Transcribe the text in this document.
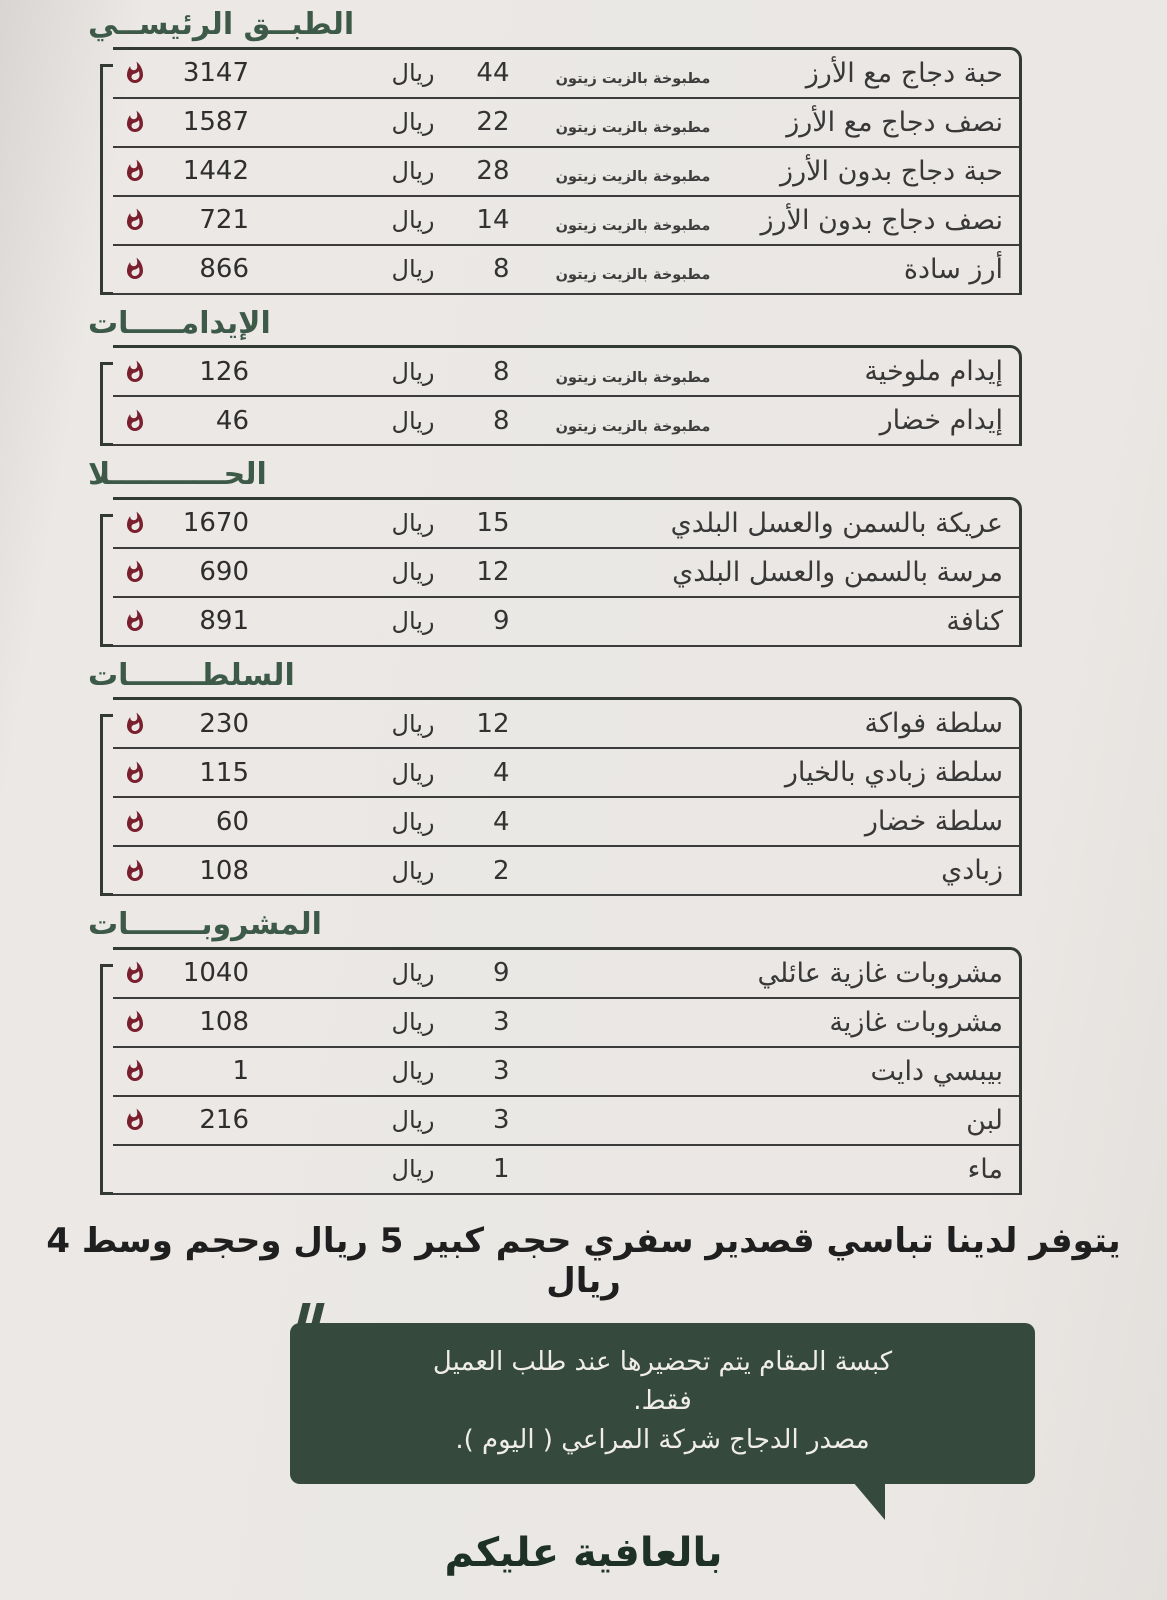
الطبــق الرئيســي
حبة دجاج مع الأرز
مطبوخة بالزيت زيتون
44
ريال
3147
نصف دجاج مع الأرز
مطبوخة بالزيت زيتون
22
ريال
1587
حبة دجاج بدون الأرز
مطبوخة بالزيت زيتون
28
ريال
1442
نصف دجاج بدون الأرز
مطبوخة بالزيت زيتون
14
ريال
721
أرز سادة
مطبوخة بالزيت زيتون
8
ريال
866
الإيدامـــــات
إيدام ملوخية
مطبوخة بالزيت زيتون
8
ريال
126
إيدام خضار
مطبوخة بالزيت زيتون
8
ريال
46
الحـــــــــــلا
عريكة بالسمن والعسل البلدي
15
ريال
1670
مرسة بالسمن والعسل البلدي
12
ريال
690
كنافة
9
ريال
891
السلطـــــــات
سلطة فواكة
12
ريال
230
سلطة زبادي بالخيار
4
ريال
115
سلطة خضار
4
ريال
60
زبادي
2
ريال
108
المشروبـــــــات
مشروبات غازية عائلي
9
ريال
1040
مشروبات غازية
3
ريال
108
بيبسي دايت
3
ريال
1
لبن
3
ريال
216
ماء
1
ريال

يتوفر لدينا تباسي قصدير سفري حجم كبير 5 ريال وحجم وسط 4 ريال

كبسة المقام يتم تحضيرها عند طلب العميل

فقط.

مصدر الدجاج شركة المراعي ( اليوم ).

بالعافية عليكم
